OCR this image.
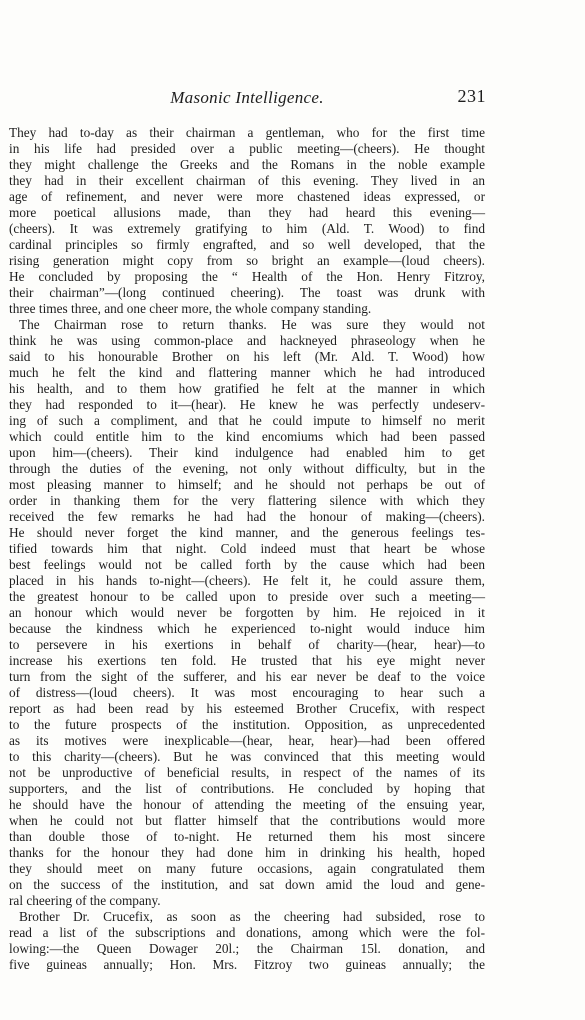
Masonic Intelligence.	231
They had to-day as their chairman a gentleman, who for the first time
in his life had presided over a public meeting—(cheers). He thought
they might challenge the Greeks and the Romans in the noble example
they had in their excellent chairman of this evening. They lived in an
age of refinement, and never were more chastened ideas expressed, or
more poetical allusions made, than they had heard this evening—
(cheers). It was extremely gratifying to him (Ald. T. Wood) to find
cardinal principles so firmly engrafted, and so well developed, that the
rising generation might copy from so bright an example—(loud cheers).
He concluded by proposing the “ Health of the Hon. Henry Fitzroy,
their chairman”—(long continued cheering). The toast was drunk with
three times three, and one cheer more, the whole company standing.
The Chairman rose to return thanks. He was sure they would not
think he was using common-place and hackneyed phraseology when he
said to his honourable Brother on his left (Mr. Ald. T. Wood) how
much he felt the kind and flattering manner which he had introduced
his health, and to them how gratified he felt at the manner in which
they had responded to it—(hear). He knew he was perfectly undeserv-
ing of such a compliment, and that he could impute to himself no merit
which could entitle him to the kind encomiums which had been passed
upon him—(cheers). Their kind indulgence had enabled him to get
through the duties of the evening, not only without difficulty, but in the
most pleasing manner to himself; and he should not perhaps be out of
order in thanking them for the very flattering silence with which they
received the few remarks he had had the honour of making—(cheers).
He should never forget the kind manner, and the generous feelings tes-
tified towards him that night. Cold indeed must that heart be whose
best feelings would not be called forth by the cause which had been
placed in his hands to-night—(cheers). He felt it, he could assure them,
the greatest honour to be called upon to preside over such a meeting—
an honour which would never be forgotten by him. He rejoiced in it
because the kindness which he experienced to-night would induce him
to persevere in his exertions in behalf of charity—(hear, hear)—to
increase his exertions ten fold. He trusted that his eye might never
turn from the sight of the sufferer, and his ear never be deaf to the voice
of distress—(loud cheers). It was most encouraging to hear such a
report as had been read by his esteemed Brother Crucefix, with respect
to the future prospects of the institution. Opposition, as unprecedented
as its motives were inexplicable—(hear, hear, hear)—had been offered
to this charity—(cheers). But he was convinced that this meeting would
not be unproductive of beneficial results, in respect of the names of its
supporters, and the list of contributions. He concluded by hoping that
he should have the honour of attending the meeting of the ensuing year,
when he could not but flatter himself that the contributions would more
than double those of to-night. He returned them his most sincere
thanks for the honour they had done him in drinking his health, hoped
they should meet on many future occasions, again congratulated them
on the success of the institution, and sat down amid the loud and gene-
ral cheering of the company.
Brother Dr. Crucefix, as soon as the cheering had subsided, rose to
read a list of the subscriptions and donations, among which were the fol-
lowing:—the Queen Dowager 20l.; the Chairman 15l. donation, and
five guineas annually; Hon. Mrs. Fitzroy two guineas annually; the
